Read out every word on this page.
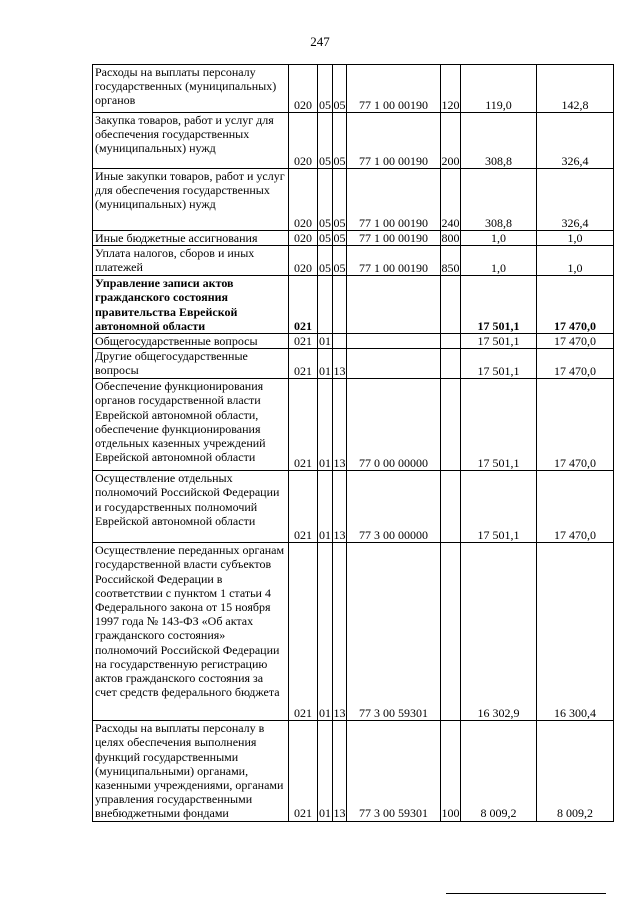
247
Расходы на выплаты персоналу государственных (муниципальных) органов	020	05	05	77 1 00 00190	120	119,0	142,8
Закупка товаров, работ и услуг для обеспечения государственных (муниципальных) нужд	020	05	05	77 1 00 00190	200	308,8	326,4
Иные закупки товаров, работ и услуг для обеспечения государственных (муниципальных) нужд	020	05	05	77 1 00 00190	240	308,8	326,4
Иные бюджетные ассигнования	020	05	05	77 1 00 00190	800	1,0	1,0
Уплата налогов, сборов и иных платежей	020	05	05	77 1 00 00190	850	1,0	1,0
Управление записи актов гражданского состояния правительства Еврейской автономной области	021					17 501,1	17 470,0
Общегосударственные вопросы	021	01				17 501,1	17 470,0
Другие общегосударственные вопросы	021	01	13			17 501,1	17 470,0
Обеспечение функционирования органов государственной власти Еврейской автономной области, обеспечение функционирования отдельных казенных учреждений Еврейской автономной области	021	01	13	77 0 00 00000		17 501,1	17 470,0
Осуществление отдельных полномочий Российской Федерации и государственных полномочий Еврейской автономной области	021	01	13	77 3 00 00000		17 501,1	17 470,0
Осуществление переданных органам государственной власти субъектов Российской Федерации в соответствии с пунктом 1 статьи 4 Федерального закона от 15 ноября 1997 года № 143-ФЗ «Об актах гражданского состояния» полномочий Российской Федерации на государственную регистрацию актов гражданского состояния за счет средств федерального бюджета	021	01	13	77 3 00 59301		16 302,9	16 300,4
Расходы на выплаты персоналу в целях обеспечения выполнения функций государственными (муниципальными) органами, казенными учреждениями, органами управления государственными внебюджетными фондами	021	01	13	77 3 00 59301	100	8 009,2	8 009,2
